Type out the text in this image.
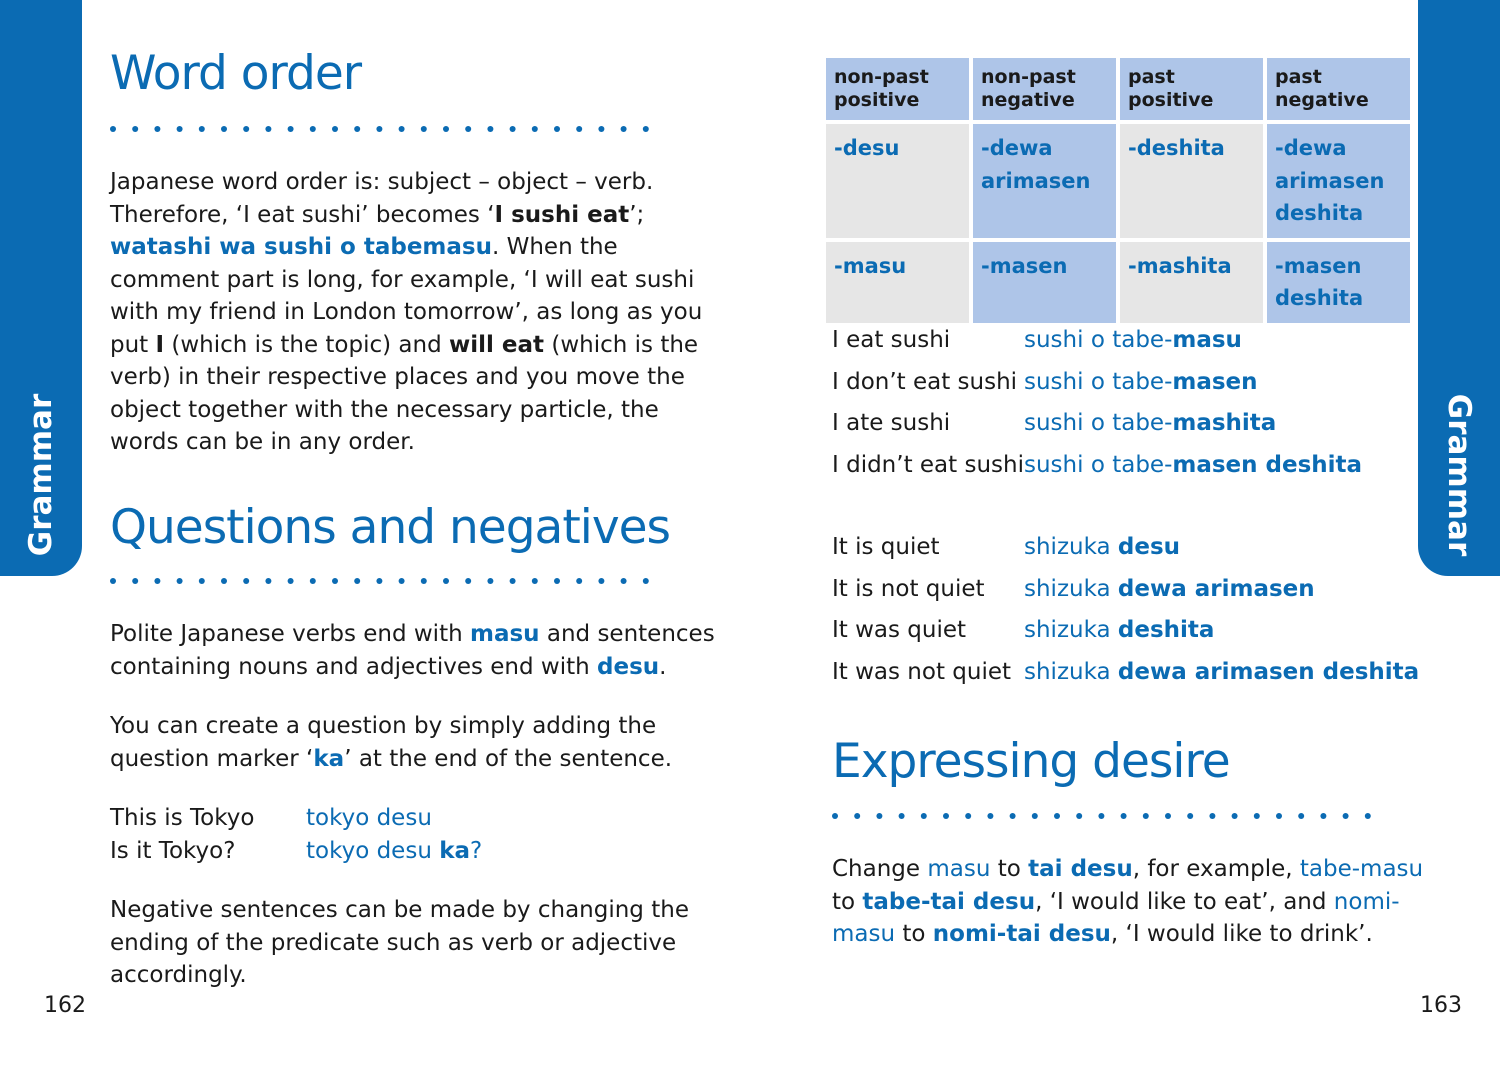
Grammar	Grammar
Word order
Japanese word order is: subject – object – verb.
Therefore, ‘I eat sushi’ becomes ‘I sushi eat’;
watashi wa sushi o tabemasu. When the
comment part is long, for example, ‘I will eat sushi
with my friend in London tomorrow’, as long as you
put I (which is the topic) and will eat (which is the
verb) in their respective places and you move the
object together with the necessary particle, the
words can be in any order.
Questions and negatives
Polite Japanese verbs end with masu and sentences
containing nouns and adjectives end with desu.
You can create a question by simply adding the
question marker ‘ka’ at the end of the sentence.
This is Tokyo	tokyo desu
Is it Tokyo?	tokyo desu ka?
Negative sentences can be made by changing the
ending of the predicate such as verb or adjective
accordingly.
162
non-past positive	non-past negative	past positive	past negative
-desu	-dewa arimasen	-deshita	-dewa arimasen deshita
-masu	-masen	-mashita	-masen deshita
I eat sushi	sushi o tabe-masu
I don’t eat sushi sushi o tabe-masen
I ate sushi	sushi o tabe-mashita
I didn’t eat sushi sushi o tabe-masen deshita
It is quiet	shizuka desu
It is not quiet	shizuka dewa arimasen
It was quiet	shizuka deshita
It was not quiet shizuka dewa arimasen deshita
Expressing desire
Change masu to tai desu, for example, tabe-masu
to tabe-tai desu, ‘I would like to eat’, and nomi-
masu to nomi-tai desu, ‘I would like to drink’.
163
